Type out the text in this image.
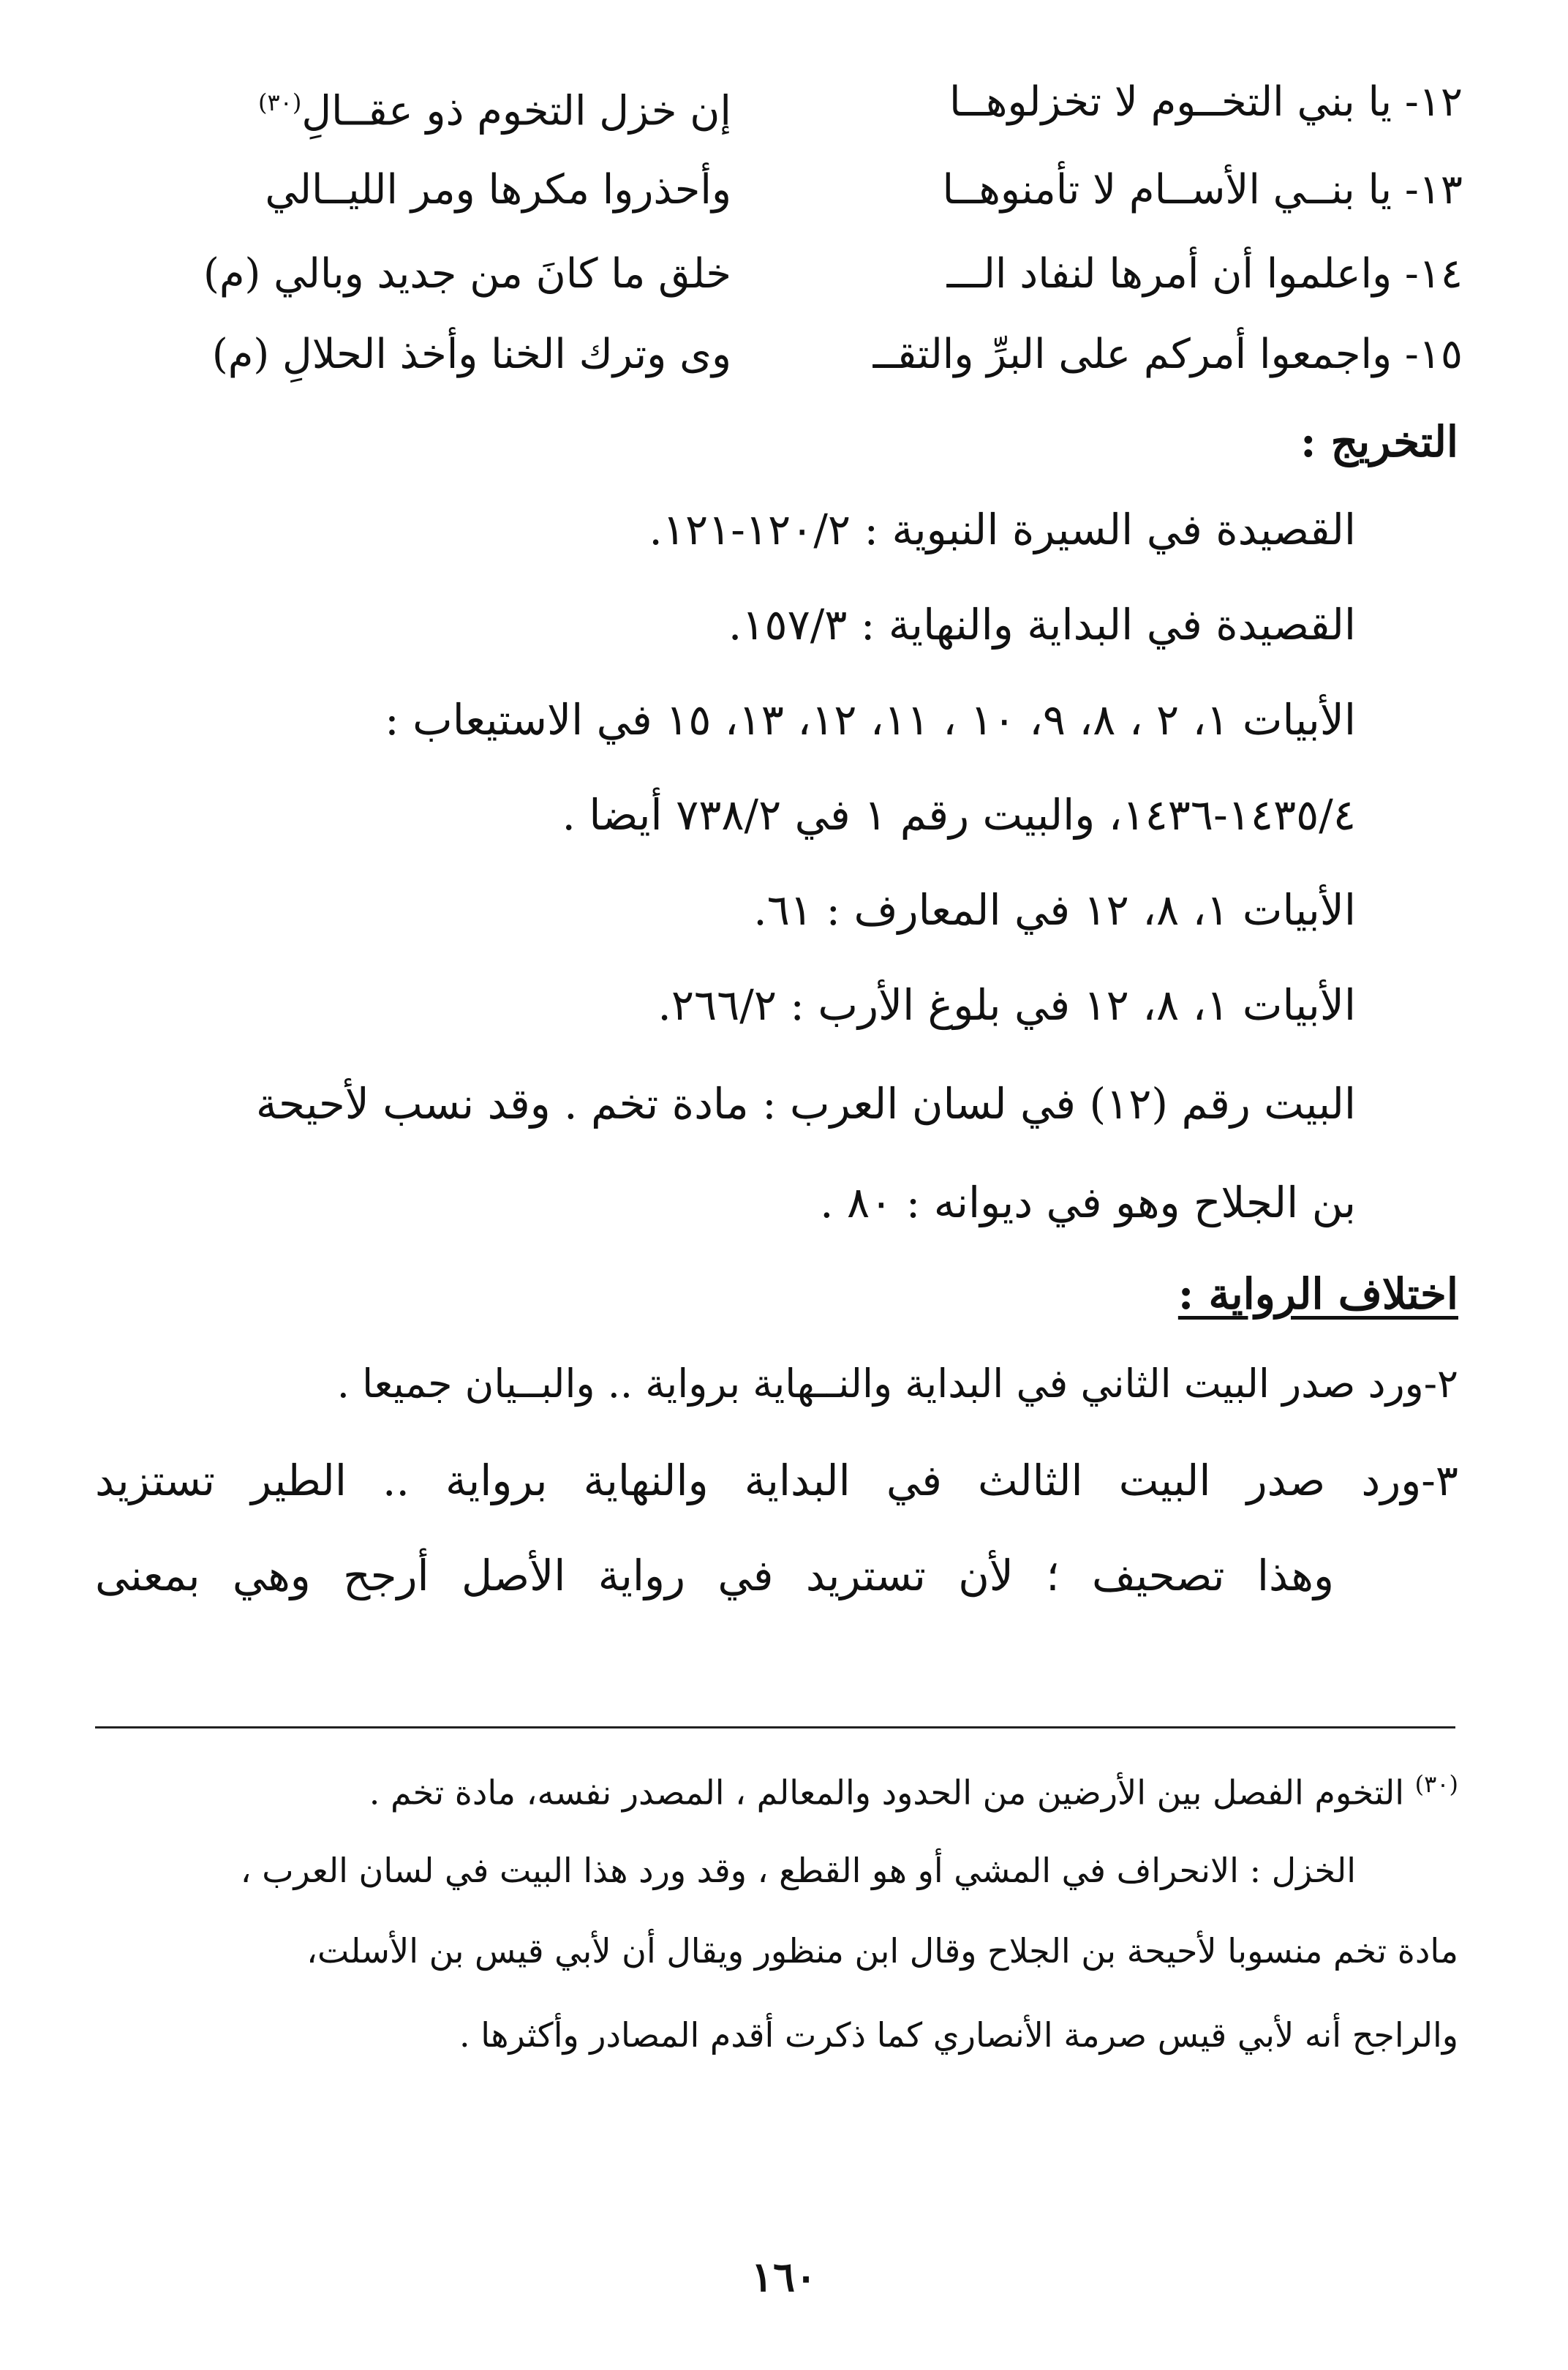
١٢- يا بني التخــوم لا تخزلوهــا
إن خزل التخوم ذو عقــالِ$^{(٣٠)}$
١٣- يا بنــي الأســام لا تأمنوهــا
وأحذروا مكرها ومر الليــالي
١٤- واعلموا أن أمرها لنفاد الـــ
خلق ما كانَ من جديد وبالي (م)
١٥- واجمعوا أمركم على البرِّ والتقــ
وى وترك الخنا وأخذ الحلالِ (م)
التخريج :
القصيدة في السيرة النبوية : ١٢٠/٢-١٢١.
القصيدة في البداية والنهاية : ١٥٧/٣.
الأبيات ١، ٢ ، ٨، ٩، ١٠ ، ١١، ١٢، ١٣، ١٥ في الاستيعاب :
١٤٣٥/٤-١٤٣٦، والبيت رقم ١ في ٧٣٨/٢ أيضا .
الأبيات ١، ٨، ١٢ في المعارف : ٦١.
الأبيات ١، ٨، ١٢ في بلوغ الأرب : ٢٦٦/٢.
البيت رقم (١٢) في لسان العرب : مادة تخم . وقد نسب لأحيحة
بن الجلاح وهو في ديوانه : ٨٠ .
اختلاف الرواية :
٢-ورد صدر البيت الثاني في البداية والنــهاية برواية .. والبــيان جميعا .
٣-ورد صدر البيت الثالث في البداية والنهاية برواية .. الطير تستزيد
وهذا تصحيف ؛ لأن تستريد في رواية الأصل أرجح وهي بمعنى
$^{(٣٠)}$ التخوم الفصل بين الأرضين من الحدود والمعالم ، المصدر نفسه، مادة تخم .
الخزل : الانحراف في المشي أو هو القطع ، وقد ورد هذا البيت في لسان العرب ،
مادة تخم منسوبا لأحيحة بن الجلاح وقال ابن منظور ويقال أن لأبي قيس بن الأسلت،
والراجح أنه لأبي قيس صرمة الأنصاري كما ذكرت أقدم المصادر وأكثرها .
١٦٠
